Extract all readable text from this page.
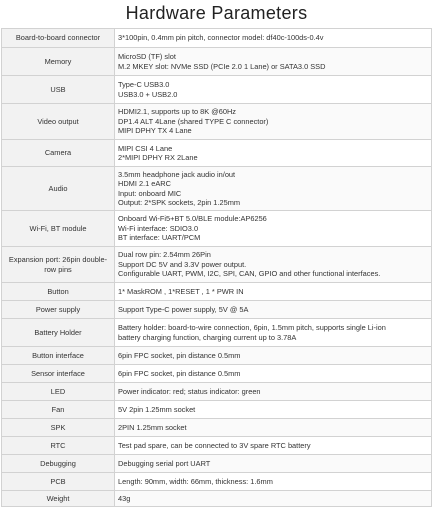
Hardware Parameters
Board-to-board connector	3*100pin, 0.4mm pin pitch, connector model: df40c-100ds-0.4v

Memory	MicroSD (TF) slot
M.2 MKEY slot: NVMe SSD (PCIe 2.0 1 Lane) or SATA3.0 SSD

USB	Type-C USB3.0
USB3.0 + USB2.0

Video output	HDMI2.1, supports up to 8K @60Hz
DP1.4 ALT 4Lane (shared TYPE C connector)
MIPI DPHY TX 4 Lane

Camera	MIPI CSI 4 Lane
2*MIPI DPHY RX 2Lane

Audio	3.5mm headphone jack audio in/out
HDMI 2.1 eARC
Input: onboard MIC
Output: 2*SPK sockets, 2pin 1.25mm

Wi-Fi, BT module	Onboard Wi-Fi5+BT 5.0/BLE module:AP6256
Wi-Fi interface: SDIO3.0
BT interface: UART/PCM

Expansion port: 26pin double-row pins	Dual row pin: 2.54mm 26Pin
Support DC 5V and 3.3V power output.
Configurable UART, PWM, I2C, SPI, CAN, GPIO and other functional interfaces.

Button	1* MaskROM , 1*RESET , 1 * PWR IN

Power supply	Support Type-C power supply, 5V @ 5A

Battery Holder	Battery holder: board-to-wire connection, 6pin, 1.5mm pitch, supports single Li-ion
battery charging function, charging current up to 3.78A

Button interface	6pin FPC socket, pin distance 0.5mm

Sensor interface	6pin FPC socket, pin distance 0.5mm

LED	Power indicator: red; status indicator: green

Fan	5V 2pin 1.25mm socket

SPK	2PIN 1.25mm socket

RTC	Test pad spare, can be connected to 3V spare RTC battery

Debugging	Debugging serial port UART

PCB	Length: 90mm, width: 66mm, thickness: 1.6mm

Weight	43g
